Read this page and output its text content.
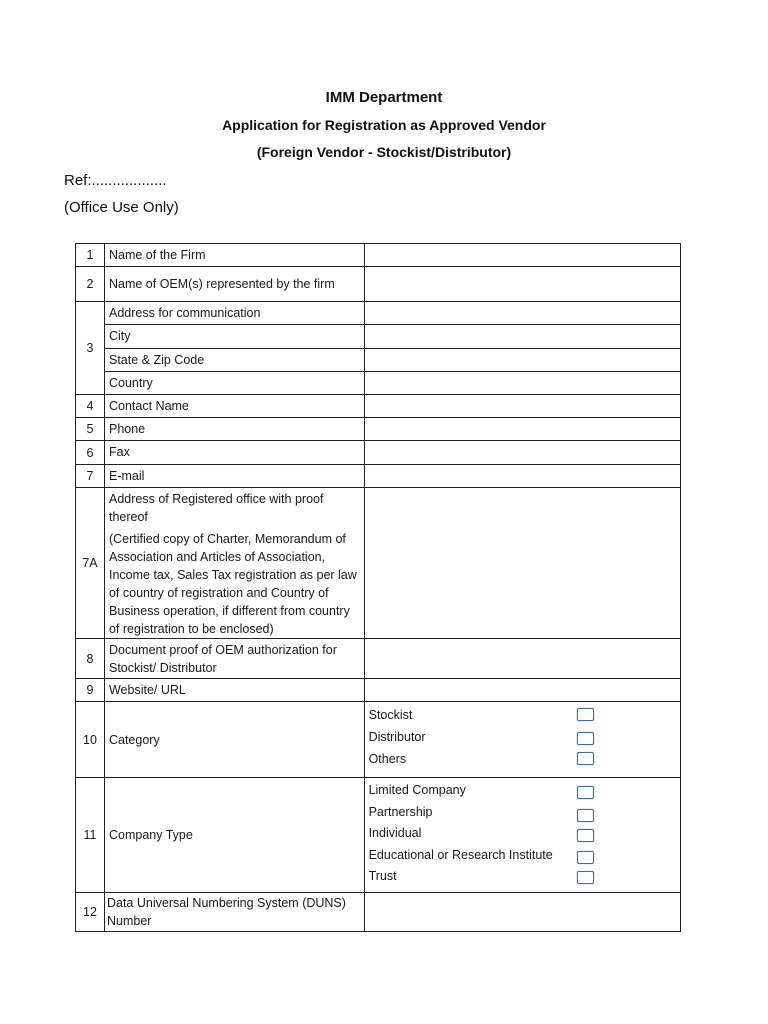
IMM Department
Application for Registration as Approved Vendor
(Foreign Vendor - Stockist/Distributor)
Ref:..................
(Office Use Only)
1	Name of the Firm	
2	Name of OEM(s) represented by the firm	
3	Address for communication	
	City	
	State & Zip Code	
	Country	
4	Contact Name	
5	Phone	
6	Fax	
7	E-mail	
7A	Address of Registered office with proof thereof
(Certified copy of Charter, Memorandum of Association and Articles of Association, Income tax, Sales Tax registration as per law of country of registration and Country of Business operation, if different from country of registration to be enclosed)	

8	Document proof of OEM authorization for Stockist/ Distributor	
9	Website/ URL	
10	Category	Stockist
Distributor
Others

11	Company Type	Limited Company
Partnership
Individual
Educational or Research Institute
Trust

12	Data Universal Numbering System (DUNS) Number	
